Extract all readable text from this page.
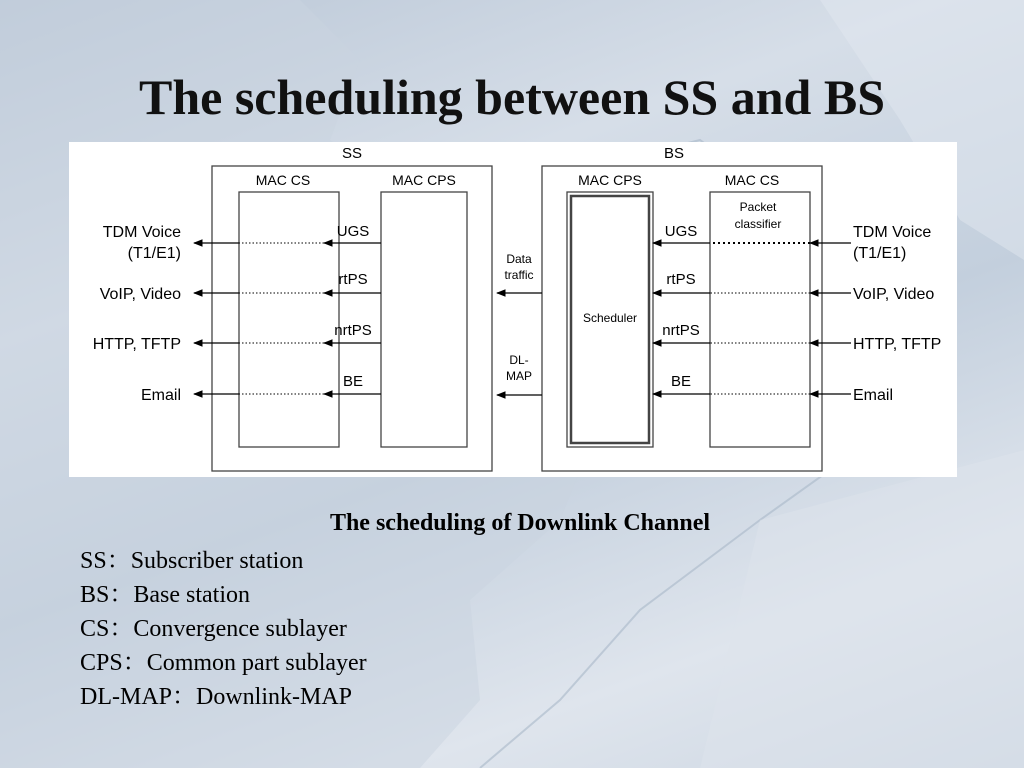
The scheduling between SS and BS
SS
MAC CS	MAC CPS
BS
MAC CPS
Scheduler
MAC CS
Packet
classifier
Data
traffic
DL-
MAP
UGS
rtPS
nrtPS
BE
TDM Voice
(T1/E1)
VoIP, Video
HTTP, TFTP
Email
UGS
rtPS
nrtPS
BE
TDM Voice
(T1/E1)
VoIP, Video
HTTP, TFTP
Email
The scheduling of Downlink Channel
SS：Subscriber station
BS：Base station
CS：Convergence sublayer
CPS：Common part sublayer
DL-MAP：Downlink-MAP
